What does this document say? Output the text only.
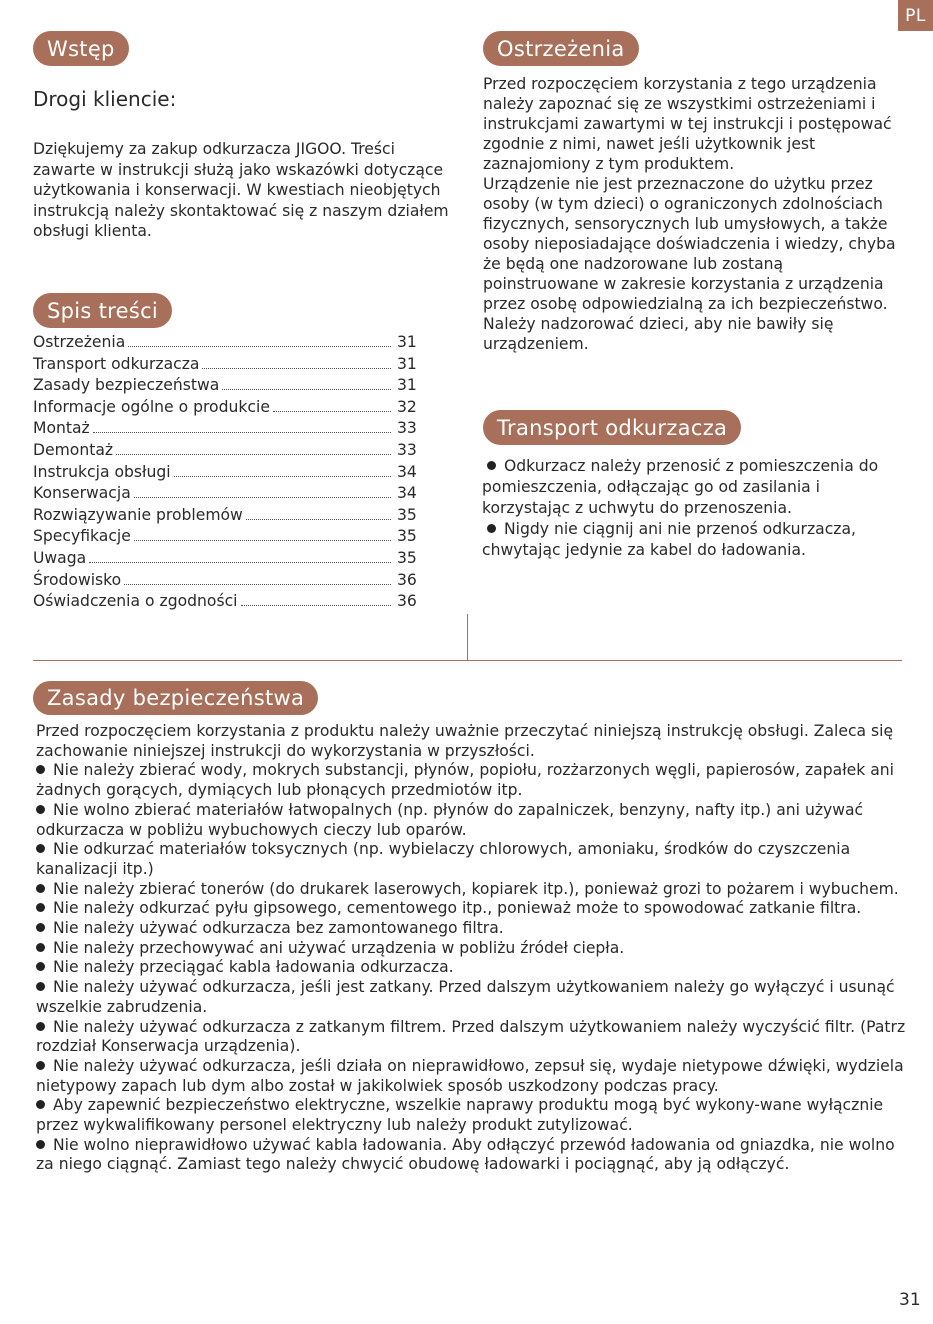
PL
Wstęp
Drogi kliencie:
Dziękujemy za zakup odkurzacza JIGOO. Treści zawarte w instrukcji służą jako wskazówki dotyczące użytkowania i konserwacji. W kwestiach nieobjętych instrukcją należy skontaktować się z naszym działem obsługi klienta.
Spis treści
Ostrzeżenia	31
Transport odkurzacza	31
Zasady bezpieczeństwa	31
Informacje ogólne o produkcie	32
Montaż	33
Demontaż	33
Instrukcja obsługi	34
Konserwacja	34
Rozwiązywanie problemów	35
Specyfikacje	35
Uwaga	35
Środowisko	36
Oświadczenia o zgodności	36
Ostrzeżenia
Przed rozpoczęciem korzystania z tego urządzenia należy zapoznać się ze wszystkimi ostrzeżeniami i instrukcjami zawartymi w tej instrukcji i postępować zgodnie z nimi, nawet jeśli użytkownik jest zaznajomiony z tym produktem.
Urządzenie nie jest przeznaczone do użytku przez osoby (w tym dzieci) o ograniczonych zdolnościach fizycznych, sensorycznych lub umysłowych, a także osoby nieposiadające doświadczenia i wiedzy, chyba że będą one nadzorowane lub zostaną poinstruowane w zakresie korzystania z urządzenia przez osobę odpowiedzialną za ich bezpieczeństwo.
Należy nadzorować dzieci, aby nie bawiły się urządzeniem.
Transport odkurzacza
Odkurzacz należy przenosić z pomieszczenia do pomieszczenia, odłączając go od zasilania i korzystając z uchwytu do przenoszenia.
Nigdy nie ciągnij ani nie przenoś odkurzacza, chwytając jedynie za kabel do ładowania.
Zasady bezpieczeństwa

Przed rozpoczęciem korzystania z produktu należy uważnie przeczytać niniejszą instrukcję obsługi. Zaleca się zachowanie niniejszej instrukcji do wykorzystania w przyszłości.

Nie należy zbierać wody, mokrych substancji, płynów, popiołu, rozżarzonych węgli, papierosów, zapałek ani żadnych gorących, dymiących lub płonących przedmiotów itp.

Nie wolno zbierać materiałów łatwopalnych (np. płynów do zapalniczek, benzyny, nafty itp.) ani używać odkurzacza w pobliżu wybuchowych cieczy lub oparów.

Nie odkurzać materiałów toksycznych (np. wybielaczy chlorowych, amoniaku, środków do czyszczenia kanalizacji itp.)

Nie należy zbierać tonerów (do drukarek laserowych, kopiarek itp.), ponieważ grozi to pożarem i wybuchem.

Nie należy odkurzać pyłu gipsowego, cementowego itp., ponieważ może to spowodować zatkanie filtra.

Nie należy używać odkurzacza bez zamontowanego filtra.

Nie należy przechowywać ani używać urządzenia w pobliżu źródeł ciepła.

Nie należy przeciągać kabla ładowania odkurzacza.

Nie należy używać odkurzacza, jeśli jest zatkany. Przed dalszym użytkowaniem należy go wyłączyć i usunąć wszelkie zabrudzenia.

Nie należy używać odkurzacza z zatkanym filtrem. Przed dalszym użytkowaniem należy wyczyścić filtr. (Patrz rozdział Konserwacja urządzenia).

Nie należy używać odkurzacza, jeśli działa on nieprawidłowo, zepsuł się, wydaje nietypowe dźwięki, wydziela nietypowy zapach lub dym albo został w jakikolwiek sposób uszkodzony podczas pracy.

Aby zapewnić bezpieczeństwo elektryczne, wszelkie naprawy produktu mogą być wykony-wane wyłącznie przez wykwalifikowany personel elektryczny lub należy produkt zutylizować.

Nie wolno nieprawidłowo używać kabla ładowania. Aby odłączyć przewód ładowania od gniazdka, nie wolno za niego ciągnąć. Zamiast tego należy chwycić obudowę ładowarki i pociągnąć, aby ją odłączyć.

31
